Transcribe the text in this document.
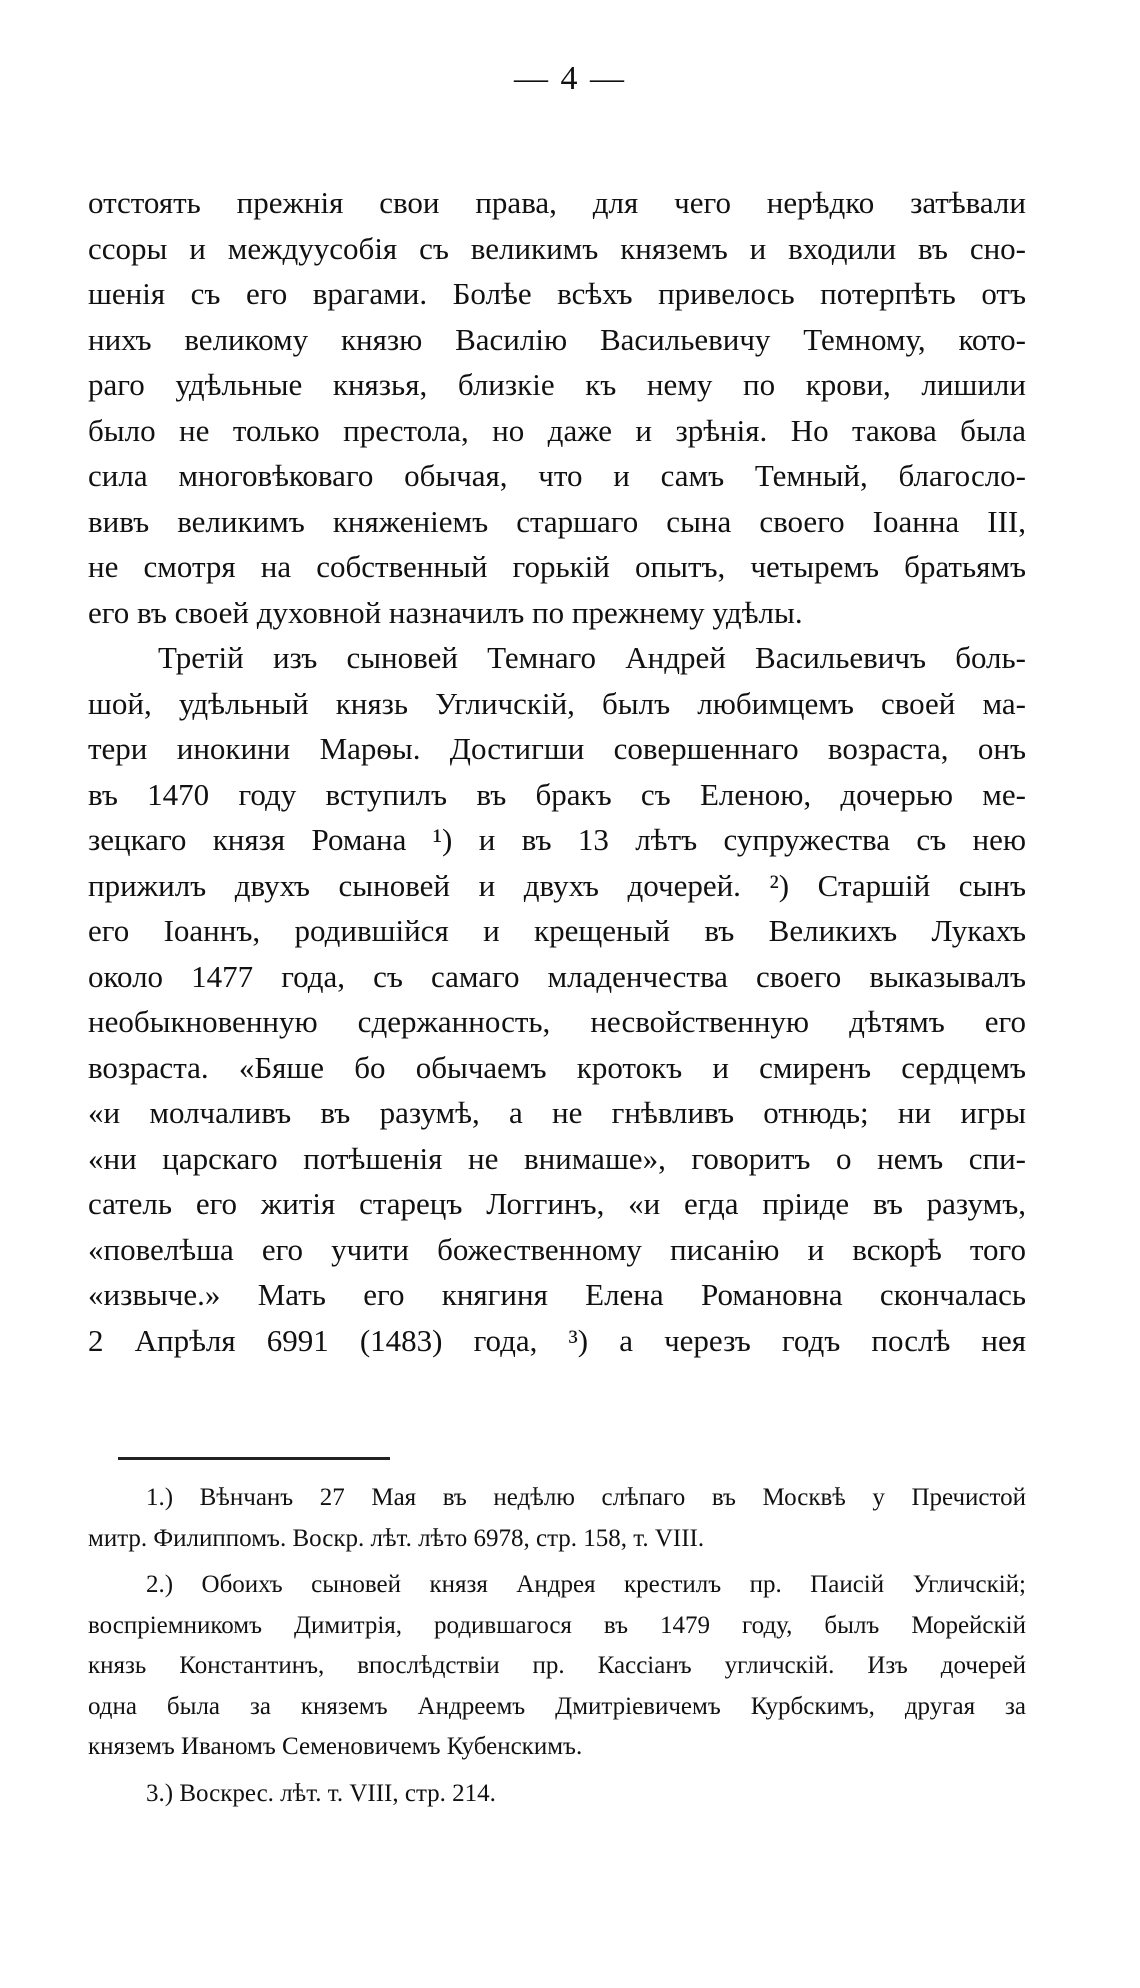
— 4 —
отстоять прежнія свои права, для чего нерѣдко затѣвали
ссоры и междуусобія съ великимъ княземъ и входили въ сно-
шенія съ его врагами. Болѣе всѣхъ привелось потерпѣть отъ
нихъ великому князю Василію Васильевичу Темному, кото-
раго удѣльные князья, близкіе къ нему по крови, лишили
было не только престола, но даже и зрѣнія. Но такова была
сила многовѣковаго обычая, что и самъ Темный, благосло-
вивъ великимъ княженіемъ старшаго сына своего Іоанна III,
не смотря на собственный горькій опытъ, четыремъ братьямъ
его въ своей духовной назначилъ по прежнему удѣлы.
Третій изъ сыновей Темнаго Андрей Васильевичъ боль-
шой, удѣльный князь Угличскій, былъ любимцемъ своей ма-
тери инокини Марѳы. Достигши совершеннаго возраста, онъ
въ 1470 году вступилъ въ бракъ съ Еленою, дочерью ме-
зецкаго князя Романа ¹) и въ 13 лѣтъ супружества съ нею
прижилъ двухъ сыновей и двухъ дочерей. ²) Старшій сынъ
его Іоаннъ, родившійся и крещеный въ Великихъ Лукахъ
около 1477 года, съ самаго младенчества своего выказывалъ
необыкновенную сдержанность, несвойственную дѣтямъ его
возраста. «Бяше бо обычаемъ кротокъ и смиренъ сердцемъ
«и молчаливъ въ разумѣ, а не гнѣвливъ отнюдь; ни игры
«ни царскаго потѣшенія не внимаше», говоритъ о немъ спи-
сатель его житія старецъ Логгинъ, «и егда пріиде въ разумъ,
«повелѣша его учити божественному писанію и вскорѣ того
«извыче.» Мать его княгиня Елена Романовна скончалась
2 Апрѣля 6991 (1483) года, ³) а черезъ годъ послѣ нея
1.) Вѣнчанъ 27 Мая въ недѣлю слѣпаго въ Москвѣ у Пречистой
митр. Филиппомъ. Воскр. лѣт. лѣто 6978, стр. 158, т. VIII.
2.) Обоихъ сыновей князя Андрея крестилъ пр. Паисій Угличскій;
воспріемникомъ Димитрія, родившагося въ 1479 году, былъ Морейскій
князь Константинъ, впослѣдствіи пр. Кассіанъ угличскій. Изъ дочерей
одна была за княземъ Андреемъ Дмитріевичемъ Курбскимъ, другая за
княземъ Иваномъ Семеновичемъ Кубенскимъ.
3.) Воскрес. лѣт. т. VIII, стр. 214.
